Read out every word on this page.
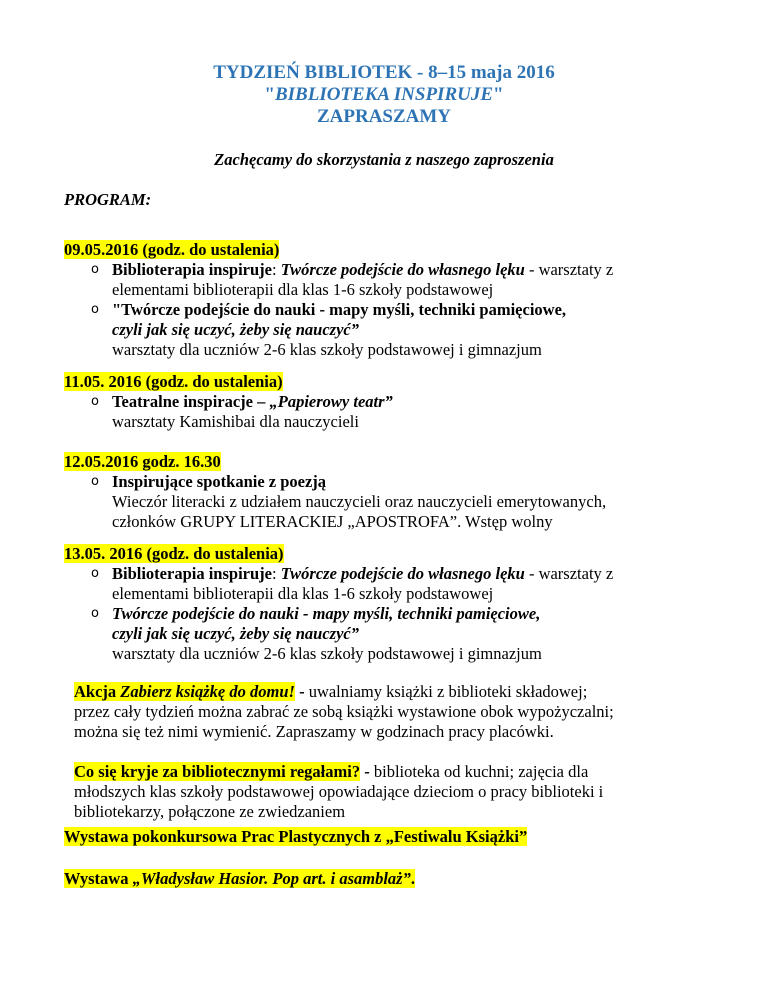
TYDZIEŃ BIBLIOTEK - 8–15 maja 2016
"BIBLIOTEKA INSPIRUJE"
ZAPRASZAMY
Zachęcamy do skorzystania z naszego zaproszenia
PROGRAM:
09.05.2016 (godz. do ustalenia)
o Biblioterapia inspiruje: Twórcze podejście do własnego lęku - warsztaty z
elementami biblioterapii dla klas 1-6 szkoły podstawowej
o "Twórcze podejście do nauki - mapy myśli, techniki pamięciowe,
czyli jak się uczyć, żeby się nauczyć”
warsztaty dla uczniów 2-6 klas szkoły podstawowej i gimnazjum
11.05. 2016 (godz. do ustalenia)
o Teatralne inspiracje – „Papierowy teatr”
warsztaty Kamishibai dla nauczycieli
12.05.2016 godz. 16.30
o Inspirujące spotkanie z poezją
Wieczór literacki z udziałem nauczycieli oraz nauczycieli emerytowanych,
członków GRUPY LITERACKIEJ „APOSTROFA”. Wstęp wolny
13.05. 2016 (godz. do ustalenia)
o Biblioterapia inspiruje: Twórcze podejście do własnego lęku - warsztaty z
elementami biblioterapii dla klas 1-6 szkoły podstawowej
o Twórcze podejście do nauki - mapy myśli, techniki pamięciowe,
czyli jak się uczyć, żeby się nauczyć”
warsztaty dla uczniów 2-6 klas szkoły podstawowej i gimnazjum
Akcja Zabierz książkę do domu! - uwalniamy książki z biblioteki składowej;
przez cały tydzień można zabrać ze sobą książki wystawione obok wypożyczalni;
można się też nimi wymienić. Zapraszamy w godzinach pracy placówki.
Co się kryje za bibliotecznymi regałami? - biblioteka od kuchni; zajęcia dla
młodszych klas szkoły podstawowej opowiadające dzieciom o pracy biblioteki i
bibliotekarzy, połączone ze zwiedzaniem
Wystawa pokonkursowa Prac Plastycznych z „Festiwalu Książki”
Wystawa „Władysław Hasior. Pop art. i asamblaż”.
